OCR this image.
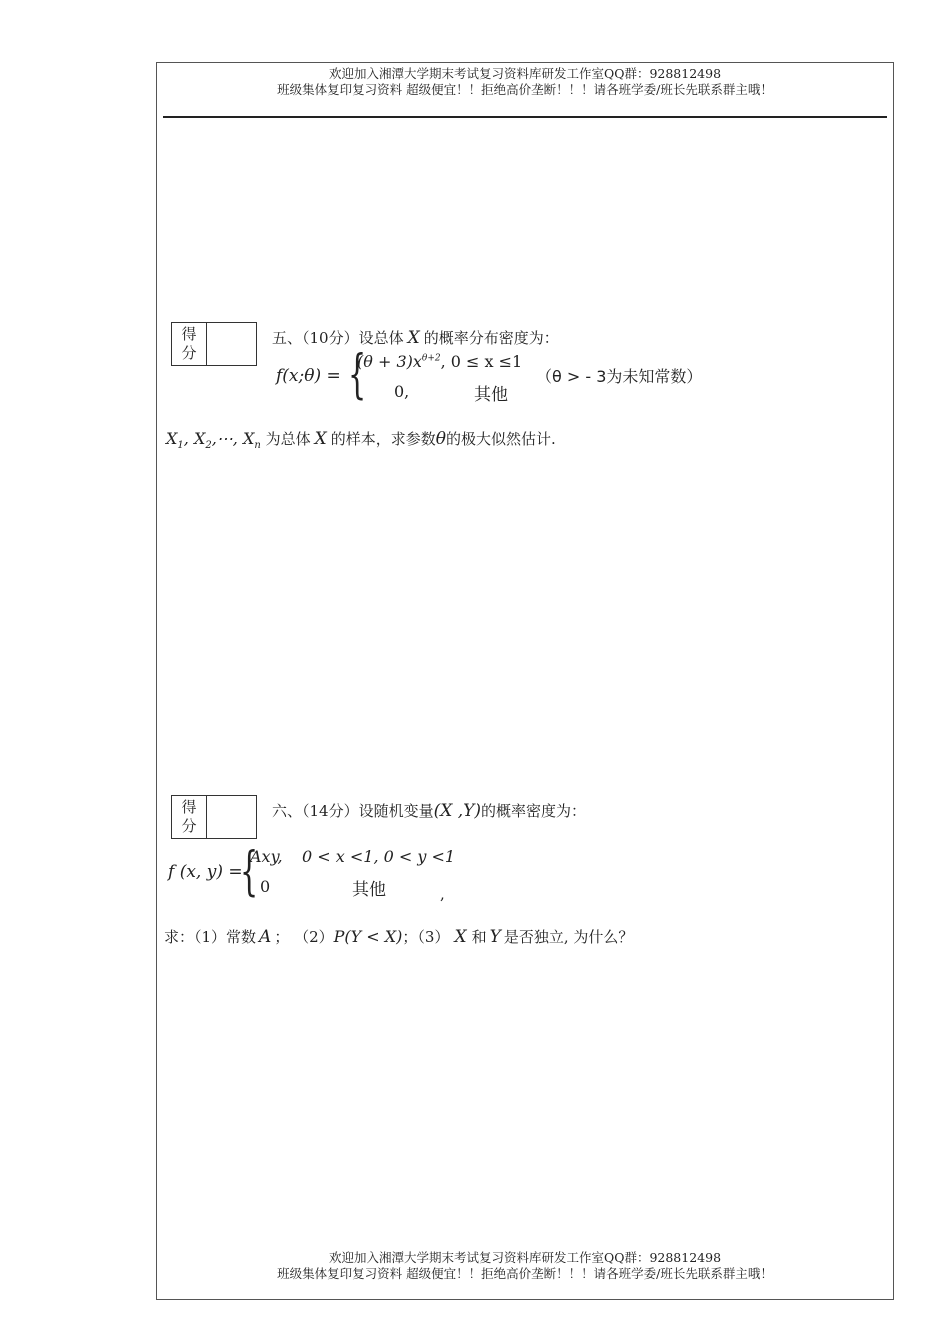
欢迎加入湘潭大学期末考试复习资料库研发工作室QQ群：928812498
班级集体复印复习资料 超级便宜！！拒绝高价垄断！！！请各班学委/班长先联系群主哦！
得
分
五、（10分）设总体 X 的概率分布密度为：
f(x;θ) = {
$(\theta + 3)x^{\theta+2}$, 0 ≤ x ≤1
0,	其他
（θ > - 3为未知常数）
$X_1$, $X_2,\cdots$, $X_n$ 为总体 X 的样本，求参数θ的极大似然估计.
得
分
六、（14分）设随机变量(X ,Y)的概率密度为：
f (x, y) =
{
Axy, 0 < x <1, 0 < y <1
0	其他	,
求：（1）常数 A ； （2）P(Y < X)；（3） X 和 Y 是否独立, 为什么？
欢迎加入湘潭大学期末考试复习资料库研发工作室QQ群：928812498
班级集体复印复习资料 超级便宜！！拒绝高价垄断！！！请各班学委/班长先联系群主哦！
